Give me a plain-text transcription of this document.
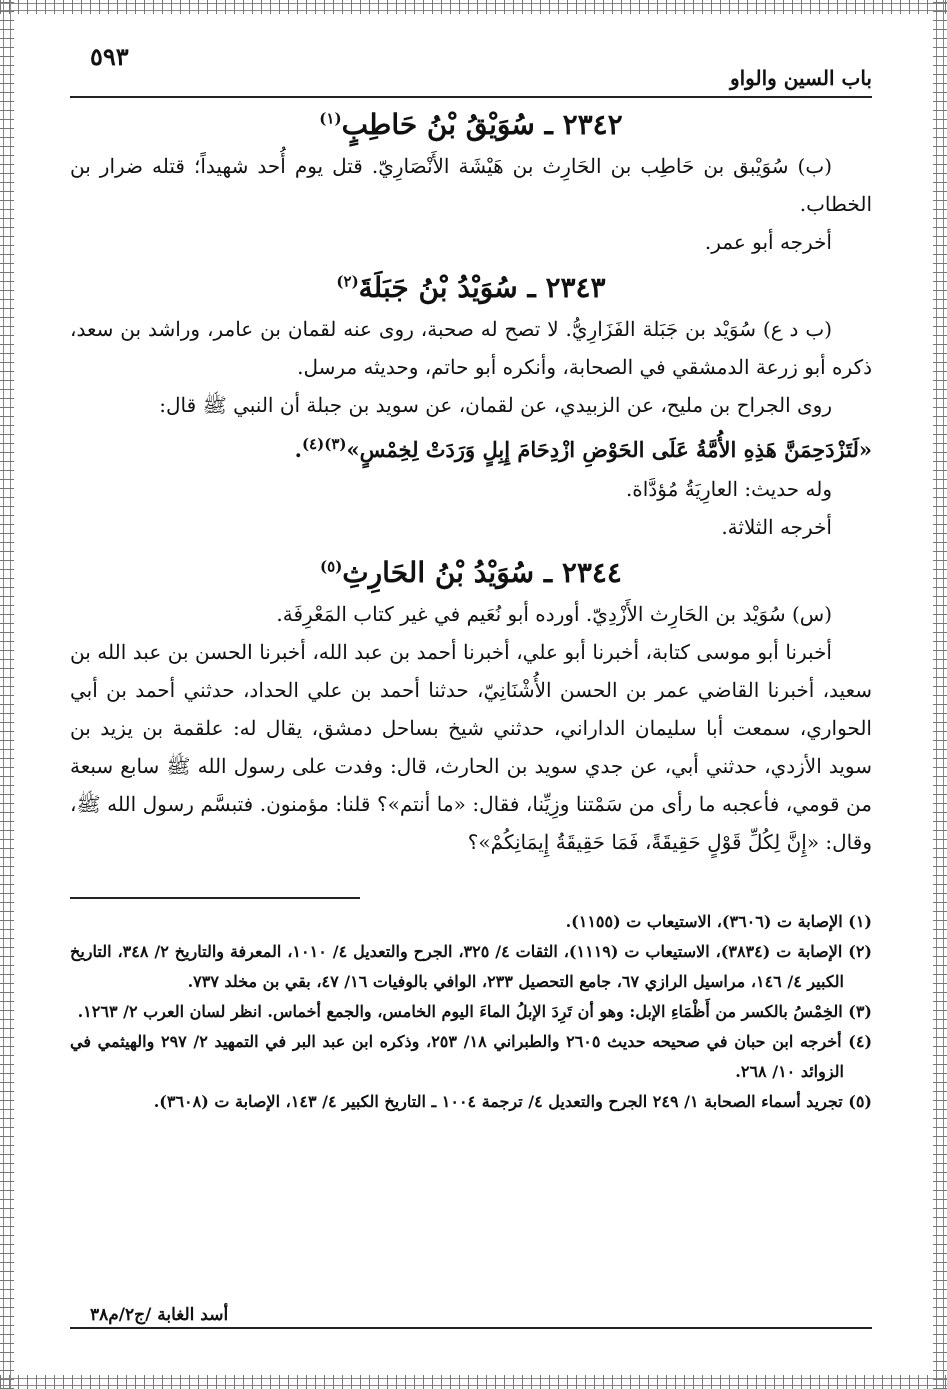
باب السين والواو
٥٩٣
٢٣٤٢ ـ سُوَيْقُ بْنُ حَاطِبٍ$^{(١)}$

(ب) سُوَيْبق بن حَاطِب بن الحَارِث بن هَيْشَة الأَنْصَارِيّ. قتل يوم أُحد شهيداً؛ قتله ضرار بن الخطاب.

أخرجه أبو عمر.

٢٣٤٣ ـ سُوَيْدُ بْنُ جَبَلَةَ$^{(٢)}$

(ب د ع) سُوَيْد بن جَبَلة الفَزَارِيُّ. لا تصح له صحبة، روى عنه لقمان بن عامر، وراشد بن سعد، ذكره أبو زرعة الدمشقي في الصحابة، وأنكره أبو حاتم، وحديثه مرسل.

روى الجراح بن مليح، عن الزبيدي، عن لقمان، عن سويد بن جبلة أن النبي ﷺ قال:

«لَتَزْدَحِمَنَّ هَذِهِ الأُمَّةُ عَلَى الحَوْضِ ازْدِحَامَ إِبِلٍ وَرَدَتْ لِخِمْسٍ»$^{(٣)(٤)}$.

وله حديث: العارِيَةُ مُؤدَّاة.

أخرجه الثلاثة.

٢٣٤٤ ـ سُوَيْدُ بْنُ الحَارِثِ$^{(٥)}$

(س) سُوَيْد بن الحَارِث الأَزْدِيّ. أورده أبو نُعَيم في غير كتاب المَعْرِفَة.

أخبرنا أبو موسى كتابة، أخبرنا أبو علي، أخبرنا أحمد بن عبد الله، أخبرنا الحسن بن عبد الله بن سعيد، أخبرنا القاضي عمر بن الحسن الأُشْنَانِيّ، حدثنا أحمد بن علي الحداد، حدثني أحمد بن أبي الحواري، سمعت أبا سليمان الداراني، حدثني شيخ بساحل دمشق، يقال له: علقمة بن يزيد بن سويد الأزدي، حدثني أبي، عن جدي سويد بن الحارث، قال: وفدت على رسول الله ﷺ سابع سبعة من قومي، فأعجبه ما رأى من سَمْتنا وزِيِّنا، فقال: «ما أنتم»؟ قلنا: مؤمنون. فتبسَّم رسول الله ﷺ، وقال: «إِنَّ لِكُلِّ قَوْلٍ حَقِيقَةً، فَمَا حَقِيقَةُ إِيمَانِكُمْ»؟

(١) الإصابة ت (٣٦٠٦)، الاستيعاب ت (١١٥٥).

(٢) الإصابة ت (٣٨٣٤)، الاستيعاب ت (١١١٩)، الثقات ٤/ ٣٢٥، الجرح والتعديل ٤/ ١٠١٠، المعرفة والتاريخ ٢/ ٣٤٨، التاريخ الكبير ٤/ ١٤٦، مراسيل الرازي ٦٧، جامع التحصيل ٢٣٣، الوافي بالوفيات ١٦/ ٤٧، بقي بن مخلد ٧٣٧.

(٣) الخِمْسُ بالكسر من أَظْمَاءِ الإبل: وهو أن تَرِدَ الإبلُ الماءَ اليوم الخامس، والجمع أخماس. انظر لسان العرب ٢/ ١٢٦٣.

(٤) أخرجه ابن حبان في صحيحه حديث ٢٦٠٥ والطبراني ١٨/ ٢٥٣، وذكره ابن عبد البر في التمهيد ٢/ ٢٩٧ والهيثمي في الزوائد ١٠/ ٢٦٨.

(٥) تجريد أسماء الصحابة ١/ ٢٤٩ الجرح والتعديل ٤/ ترجمة ١٠٠٤ ـ التاريخ الكبير ٤/ ١٤٣، الإصابة ت (٣٦٠٨).

أسد الغابة /ج٢/م٣٨
